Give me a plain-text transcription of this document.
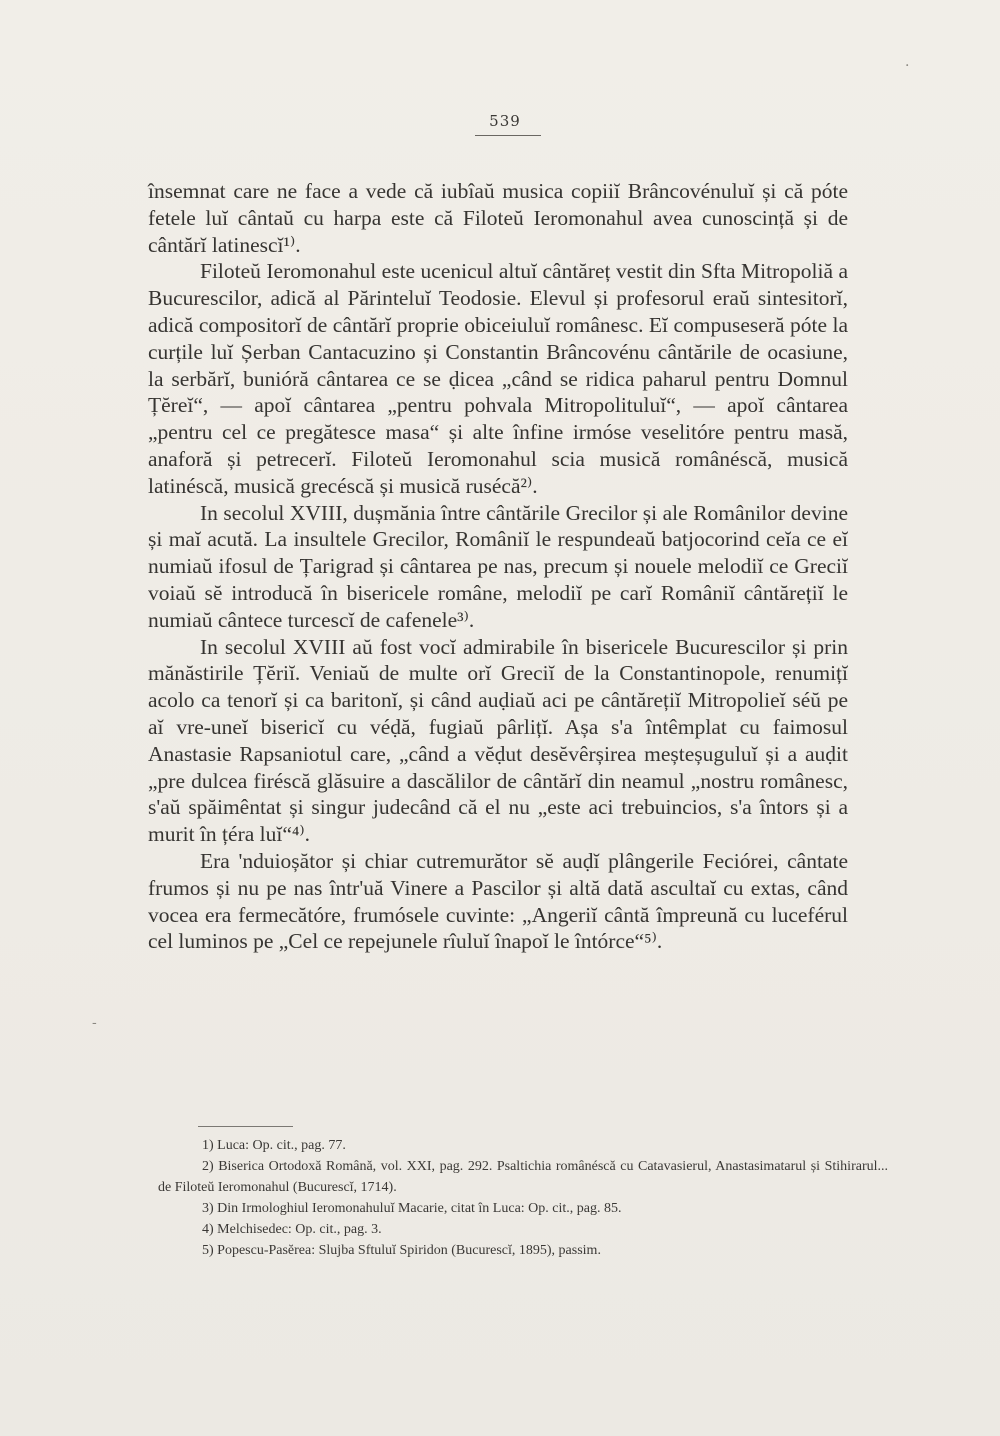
539

însemnat care ne face a vede că iubîaŭ musica copiiĭ Brâncovénuluĭ și că póte fetele luĭ cântaŭ cu harpa este că Filoteŭ Ieromonahul avea cunoscință și de cântărĭ latinescĭ¹⁾.

Filoteŭ Ieromonahul este ucenicul altuĭ cântăreț vestit din Sfta Mitropoliă a Bucurescilor, adică al Părinteluĭ Teodosie. Elevul și profesorul eraŭ sintesitorĭ, adică compositorĭ de cântărĭ proprie obiceiuluĭ românesc. Eĭ compuseseră póte la curțile luĭ Șerban Cantacuzino și Constantin Brâncovénu cântările de ocasiune, la serbărĭ, bunióră cântarea ce se ḍicea „când se ridica paharul pentru Domnul Țĕreĭ“, — apoĭ cântarea „pentru pohvala Mitropolituluĭ“, — apoĭ cântarea „pentru cel ce pregătesce masa“ și alte înfine irmóse veselitóre pentru masă, anaforă și petrecerĭ. Filoteŭ Ieromonahul scia musică românéscă, musică latinéscă, musică grecéscă și musică rusécă²⁾.

In secolul XVIII, dușmănia între cântările Grecilor și ale Românilor devine și maĭ acută. La insultele Grecilor, Româniĭ le respundeaŭ batjocorind ceĭa ce eĭ numiaŭ ifosul de Țarigrad și cântarea pe nas, precum și nouele melodiĭ ce Greciĭ voiaŭ sĕ introducă în bisericele române, melodiĭ pe carĭ Româniĭ cântărețiĭ le numiaŭ cântece turcescĭ de cafenele³⁾.

In secolul XVIII aŭ fost vocĭ admirabile în bisericele Bucurescilor și prin mănăstirile Țĕriĭ. Veniaŭ de multe orĭ Greciĭ de la Constantinopole, renumițĭ acolo ca tenorĭ și ca baritonĭ, și când auḍiaŭ aci pe cântărețiĭ Mitropolieĭ séŭ pe aĭ vre-uneĭ bisericĭ cu véḍă, fugiaŭ pârlițĭ. Așa s'a întêmplat cu faimosul Anastasie Rapsaniotul care, „când a vĕḍut desĕvêrșirea meșteșuguluĭ și a auḍit „pre dulcea firéscă glăsuire a dascălilor de cântărĭ din neamul „nostru românesc, s'aŭ spăimêntat și singur judecând că el nu „este aci trebuincios, s'a întors și a murit în țéra luĭ“⁴⁾.

Era 'nduioșător și chiar cutremurător sĕ auḍĭ plângerile Feciórei, cântate frumos și nu pe nas într'uă Vinere a Pascilor și altă dată ascultaĭ cu extas, când vocea era fermecătóre, frumósele cuvinte: „Angeriĭ cântă împreună cu luceférul cel luminos pe „Cel ce repejunele rîuluĭ înapoĭ le întórce“⁵⁾.

1) Luca: Op. cit., pag. 77.

2) Biserica Ortodoxă Română, vol. XXI, pag. 292. Psaltichia românéscă cu Catavasierul, Anastasimatarul și Stihirarul... de Filoteŭ Ieromonahul (Bucurescĭ, 1714).

3) Din Irmologhiul Ieromonahuluĭ Macarie, citat în Luca: Op. cit., pag. 85.

4) Melchisedec: Op. cit., pag. 3.

5) Popescu-Pasĕrea: Slujba Sftuluĭ Spiridon (Bucurescĭ, 1895), passim.

‐
·
